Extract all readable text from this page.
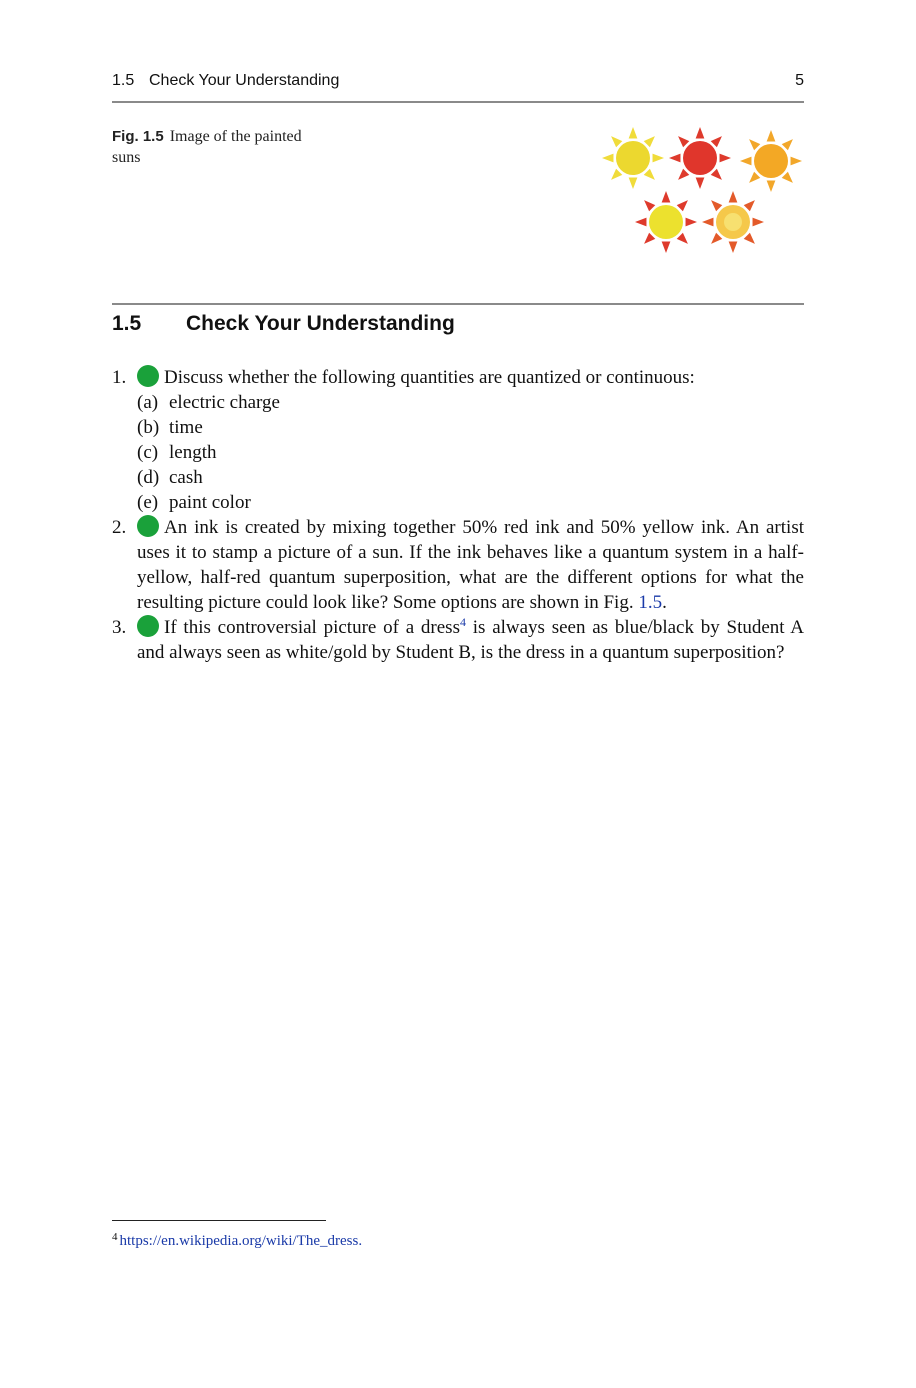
1.5 Check Your Understanding	5
Fig. 1.5 Image of the painted suns
1.5 Check Your Understanding
1.	Discuss whether the following quantities are quantized or continuous:
(a) electric charge
(b) time
(c) length
(d) cash
(e) paint color
2.	An ink is created by mixing together 50% red ink and 50% yellow ink. An artist uses it to stamp a picture of a sun. If the ink behaves like a quantum system in a half-yellow, half-red quantum superposition, what are the different options for what the resulting picture could look like? Some options are shown in Fig. 1.5.
3.	If this controversial picture of a dress$^4$ is always seen as blue/black by Student A and always seen as white/gold by Student B, is the dress in a quantum superposition?
$^4$ https://en.wikipedia.org/wiki/The_dress.
